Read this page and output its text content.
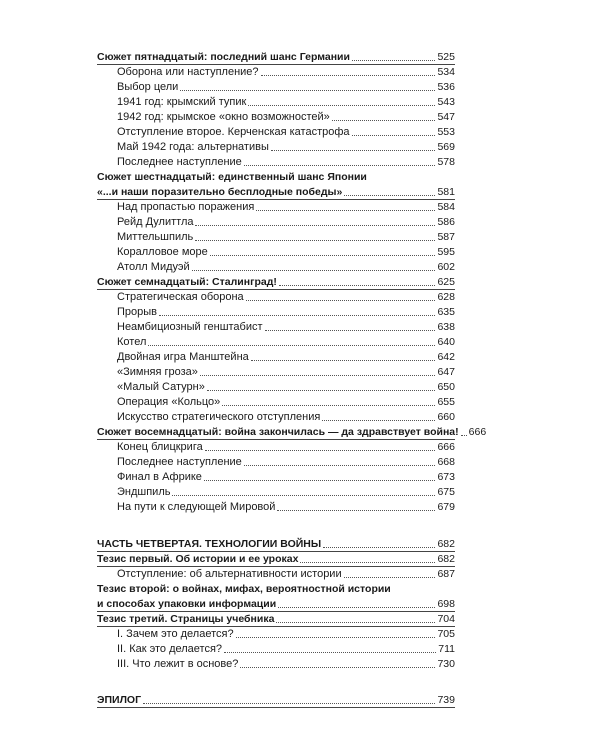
Сюжет пятнадцатый: последний шанс Германии	525
Оборона или наступление?	534
Выбор цели	536
1941 год: крымский тупик	543
1942 год: крымское «окно возможностей»	547
Отступление второе. Керченская катастрофа	553
Май 1942 года: альтернативы	569
Последнее наступление	578
Сюжет шестнадцатый: единственный шанс Японии
«...и наши поразительно бесплодные победы»	581
Над пропастью поражения	584
Рейд Дулиттла	586
Миттельшпиль	587
Коралловое море	595
Атолл Мидуэй	602
Сюжет семнадцатый: Сталинград!	625
Стратегическая оборона	628
Прорыв	635
Неамбициозный генштабист	638
Котел	640
Двойная игра Манштейна	642
«Зимняя гроза»	647
«Малый Сатурн»	650
Операция «Кольцо»	655
Искусство стратегического отступления	660
Сюжет восемнадцатый: война закончилась — да здравствует война! 666
Конец блицкрига	666
Последнее наступление	668
Финал в Африке	673
Эндшпиль	675
На пути к следующей Мировой	679
ЧАСТЬ ЧЕТВЕРТАЯ. ТЕХНОЛОГИИ ВОЙНЫ	682
Тезис первый. Об истории и ее уроках	682
Отступление: об альтернативности истории	687
Тезис второй: о войнах, мифах, вероятностной истории
и способах упаковки информации	698
Тезис третий. Страницы учебника	704
I. Зачем это делается?	705
II. Как это делается?	711
III. Что лежит в основе?	730
ЭПИЛОГ	739
